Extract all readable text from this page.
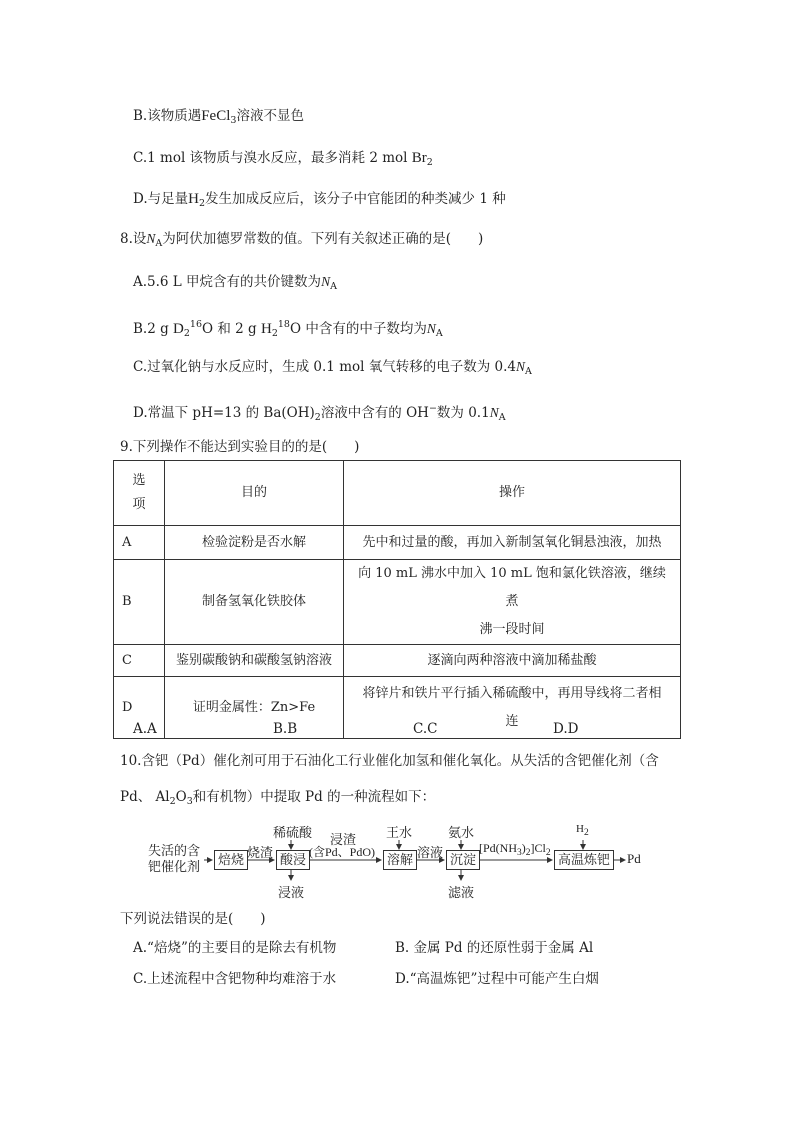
B.该物质遇FeCl$_3$溶液不显色
C.1 mol 该物质与溴水反应，最多消耗 2 mol $Br_2$
D.与足量$H_2$发生加成反应后，该分子中官能团的种类减少 1 种
8.设$N_A$为阿伏加德罗常数的值。下列有关叙述正确的是(　　)
A.5.6 L 甲烷含有的共价键数为$N_A$
B.2 g $D_2^{16}O$ 和 2 g $H_2^{18}O$ 中含有的中子数均为$N_A$
C.过氧化钠与水反应时，生成 0.1 mol 氧气转移的电子数为 $0.4N_A$
D.常温下 pH=13 的 $Ba(OH)_2$溶液中含有的 OH−数为 $0.1N_A$
9.下列操作不能达到实验目的的是(　　)
选
项	目的	操作
A	检验淀粉是否水解	先中和过量的酸，再加入新制氢氧化铜悬浊液，加热
B	制备氢氧化铁胶体	向 10 mL 沸水中加入 10 mL 饱和氯化铁溶液，继续煮
沸一段时间
C	鉴别碳酸钠和碳酸氢钠溶液	逐滴向两种溶液中滴加稀盐酸
D	证明金属性：Zn>Fe	将锌片和铁片平行插入稀硫酸中，再用导线将二者相
连
A.A	B.B	C.C	D.D
10.含钯（Pd）催化剂可用于石油化工行业催化加氢和催化氧化。从失活的含钯催化剂（含
Pd、 $Al_2O_3$和有机物）中提取 Pd 的一种流程如下：
失活的含
钯催化剂	焙烧 烧渣
稀硫酸
酸浸
浸液
浸渣
(含Pd、PdO)
王水
溶解 溶液
氨水
沉淀
滤液
$[Pd(NH_3)_2]Cl_2$
H2
高温炼钯	Pd
下列说法错误的是(　　)
A.“焙烧”的主要目的是除去有机物	B. 金属 Pd 的还原性弱于金属 Al
C.上述流程中含钯物种均难溶于水	D.“高温炼钯”过程中可能产生白烟
